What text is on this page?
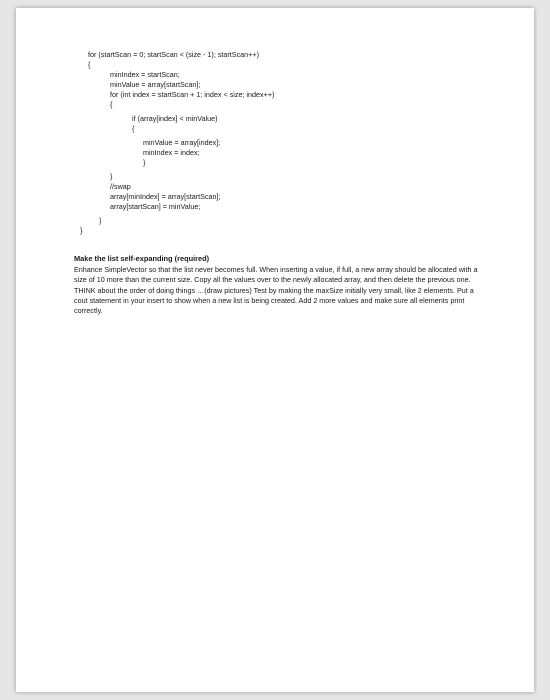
for (startScan = 0; startScan < (size - 1); startScan++)
{
minIndex = startScan;
minValue = array[startScan];
for (int index = startScan + 1; index < size; index++)
{
if (array[index] < minValue)
{
minValue = array[index];
minIndex = index;
}
}
//swap
array[minIndex] = array[startScan];
array[startScan] = minValue;
}
}

Make the list self-expanding (required)

Enhance SimpleVector so that the list never becomes full. When inserting a value, if full, a new array should be allocated with a size of 10 more than the current size. Copy all the values over to the newly allocated array, and then delete the previous one. THINK about the order of doing things …(draw pictures) Test by making the maxSize initially very small, like 2 elements. Put a cout statement in your insert to show when a new list is being created. Add 2 more values and make sure all elements print correctly.
